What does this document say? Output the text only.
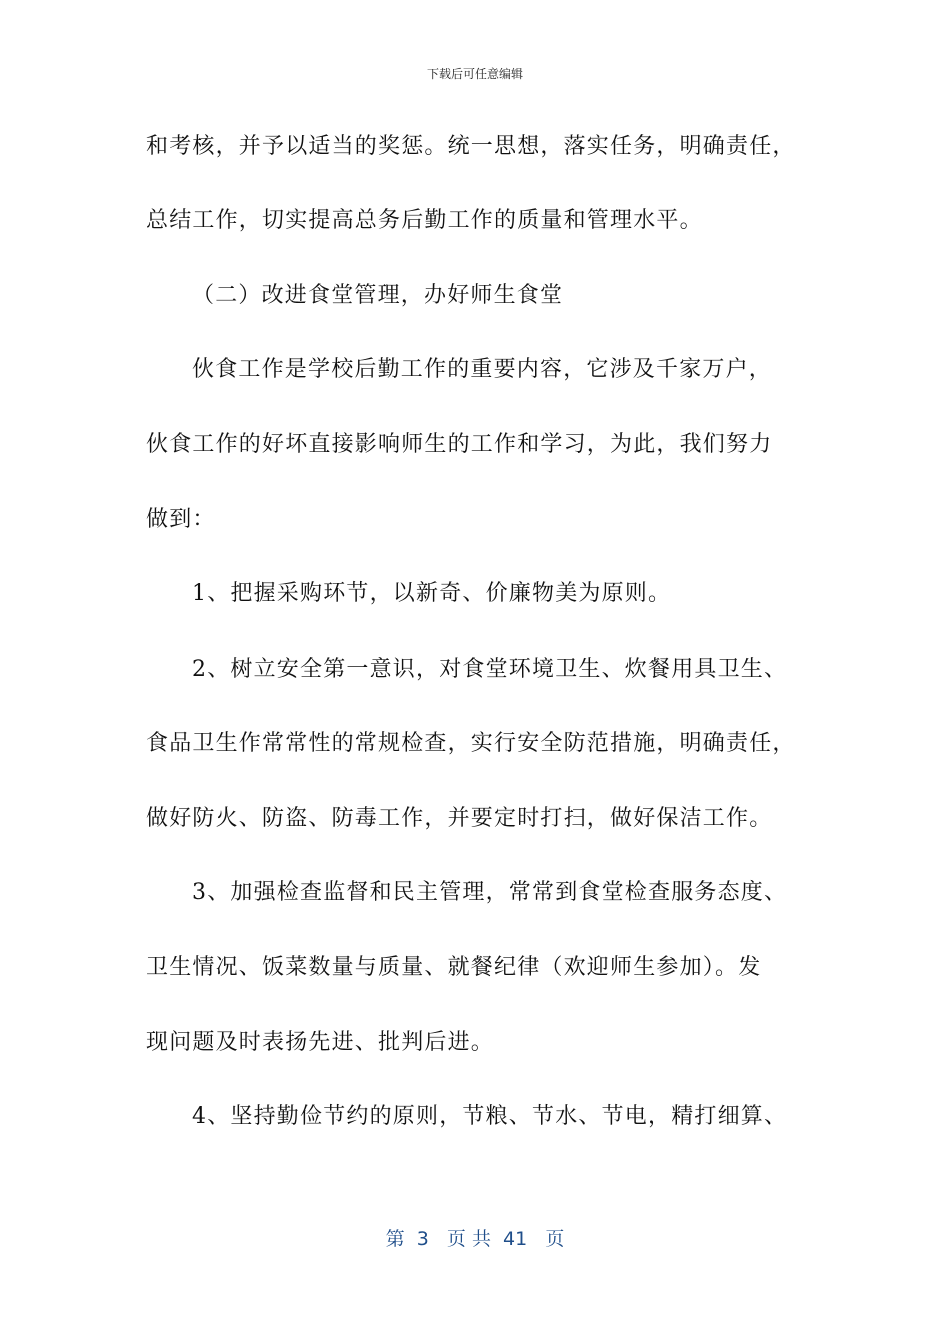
下载后可任意编辑
和考核，并予以适当的奖惩。统一思想，落实任务，明确责任，
总结工作，切实提高总务后勤工作的质量和管理水平。
（二）改进食堂管理，办好师生食堂
伙食工作是学校后勤工作的重要内容，它涉及千家万户，
伙食工作的好坏直接影响师生的工作和学习，为此，我们努力
做到：
1、把握采购环节，以新奇、价廉物美为原则。
2、树立安全第一意识，对食堂环境卫生、炊餐用具卫生、
食品卫生作常常性的常规检查，实行安全防范措施，明确责任，
做好防火、防盗、防毒工作，并要定时打扫，做好保洁工作。
3、加强检查监督和民主管理，常常到食堂检查服务态度、
卫生情况、饭菜数量与质量、就餐纪律（欢迎师生参加）。发
现问题及时表扬先进、批判后进。
4、坚持勤俭节约的原则，节粮、节水、节电，精打细算、
第  3   页 共  41   页
